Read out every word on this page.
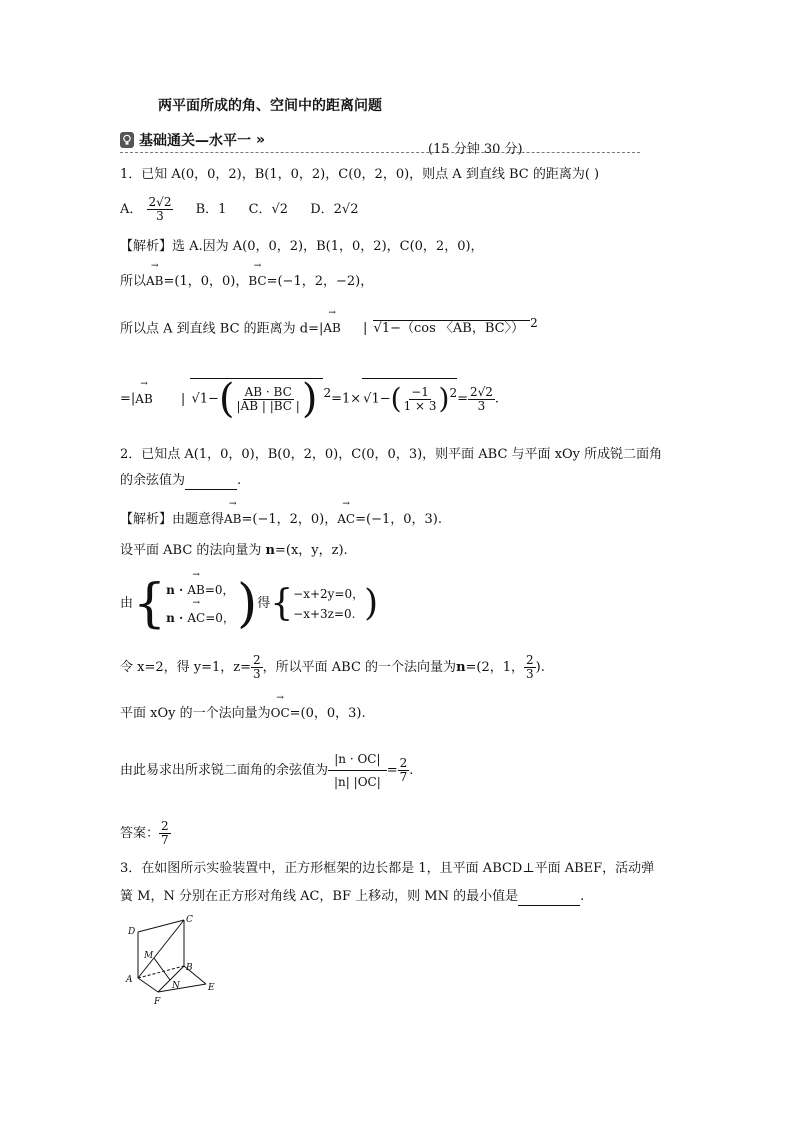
两平面所成的角、空间中的距离问题
基础通关—水平一 »
(15 分钟 30 分)
1．已知 A(0，0，2)，B(1，0，2)，C(0，2，0)，则点 A 到直线 BC 的距离为( )
A． $\frac{2√2}{3}$ B．1 C．√2 D．2√2
【解析】选 A.因为 A(0，0，2)，B(1，0，2)，C(0，2，0)，
所以→ AB=(1，0，0)，→ BC=(−1，2，−2)，
所以点 A 到直线 BC 的距离为 d=|→ AB | √1−（cos 〈AB，BC〉） $^2$
=|→ AB | $√1-( \frac{AB \cdot BC}{|AB | |BC |}$ ) $^2=1\times √1-( \frac{-1}{1 \times 3} )^2= \frac{2√2}{3}$ .
2．已知点 A(1，0，0)，B(0，2，0)，C(0，0，3)，则平面 ABC 与平面 xOy 所成锐二面角
的余弦值为	.
【解析】由题意得→ AB=(−1，2，0)，→ AC=(−1，0，3).
设平面 ABC 的法向量为 n=(x，y，z).
由 { n · → AB=0，
n · → AC=0， ) 得 { −x+2y=0，
−x+3z=0. )
令 x=2，得 y=1，$z= \frac{2}{3}$ ，所以平面 ABC 的一个法向量为 n =(2，1， $\frac{2}{3}$ ).
平面 xOy 的一个法向量为→ OC=(0，0，3).
由此易求出所求锐二面角的余弦值为 $\frac{|n \cdot OC|}{|n| |OC|} = \frac{2}{7}$ .
答案： $\frac{2}{7}$
3．在如图所示实验装置中，正方形框架的边长都是 1，且平面 ABCD⊥平面 ABEF，活动弹
簧 M，N 分别在正方形对角线 AC，BF 上移动，则 MN 的最小值是	.
D
C
M
A
B
N
F
E
